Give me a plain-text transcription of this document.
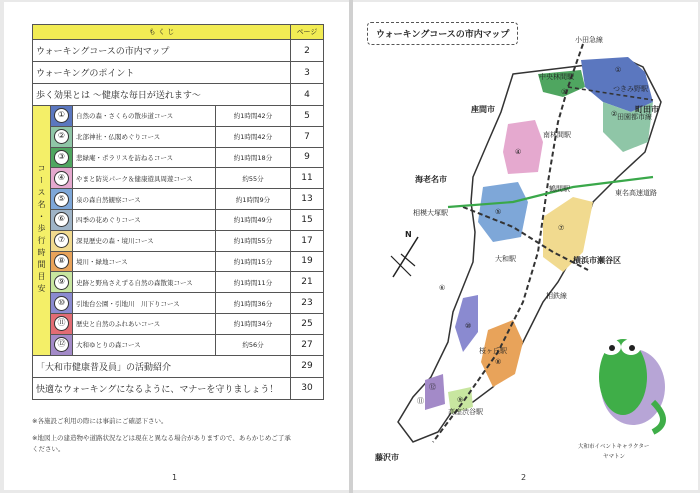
も く じ				ページ
ウォーキングコースの市内マップ				2
ウォーキングのポイント				3
歩く効果とは ～健康な毎日が送れます～				4
コース名・歩行時間目安	①	自然の森・さくらの散歩道コース	約1時間42分	5

	②	北部神社・仏閣めぐりコース	約1時間42分	7

	③	悲緑庵・ポラリスを訪ねるコース	約1時間18分	9

	④	やまと防災パーク＆健康遊具周遊コース	約55分	11

	⑤	泉の森自然観察コース	約1時間9分	13

	⑥	四季の花めぐりコース	約1時間49分	15

	⑦	深見歴史の森・境川コース	約1時間55分	17

	⑧	境川・緑地コース	約1時間15分	19

	⑨	史跡と野鳥さえずる自然の森散策コース	約1時間11分	21

	⑩	引地台公園・引地川　川下りコース	約1時間36分	23

	⑪	歴史と自然のふれあいコース	約1時間34分	25

	⑫	大和ゆとりの森コース	約56分	27
「大和市健康普及員」の活動紹介				29
快適なウォーキングになるように、マナーを守りましょう！				30
※各施設ご利用の際には事前にご確認下さい。
※地図上の建造物や道路状況などは現在と異なる場合がありますので、あらかじめご了承
ください。
1
ウォーキングコースの市内マップ	小田急線
座間市	町田市
海老名市
横浜市瀬谷区
藤沢市
中央林間駅
つきみ野駅
田園都市線
南林間駅
鶴間駅
相模大塚駅
大和駅
桜ヶ丘駅
高座渋谷駅
相鉄線
東名高速道路
N
①
②
③
④
⑤
⑥
⑦
⑧
⑨
⑩
⑪
⑫
大和市イベントキャラクター
ヤマトン
2
